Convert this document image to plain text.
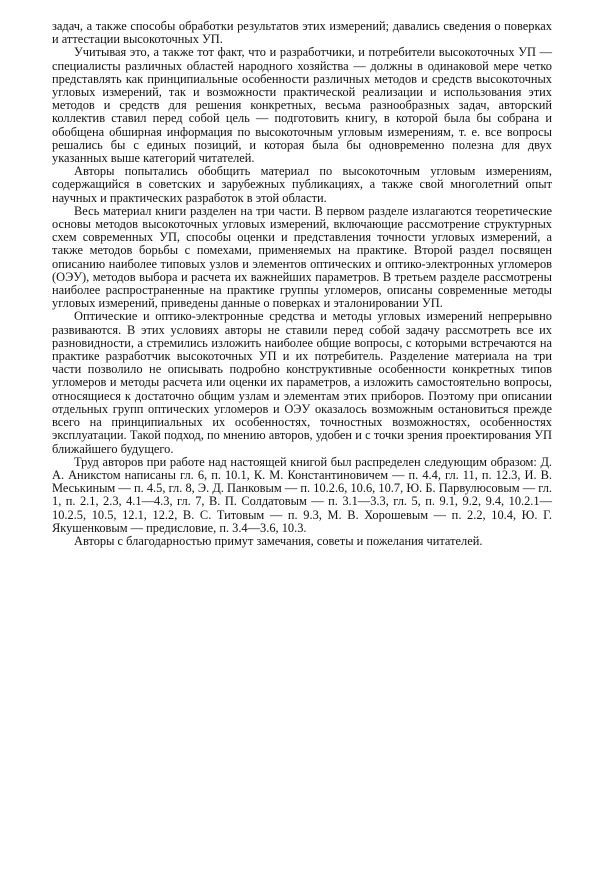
задач, а также способы обработки результатов этих измерений; давались сведения о поверках и аттестации высокоточных УП.

Учитывая это, а также тот факт, что и разработчики, и потребители высокоточных УП — специалисты различных областей народного хозяйства — должны в одинаковой мере четко представлять как принципиальные особенности различных методов и средств высокоточных угловых измерений, так и возможности практической реализации и использования этих методов и средств для решения конкретных, весьма разнообразных задач, авторский коллектив ставил перед собой цель — подготовить книгу, в которой была бы собрана и обобщена обширная информация по высокоточным угловым измерениям, т. е. все вопросы решались бы с единых позиций, и которая была бы одновременно полезна для двух указанных выше категорий читателей.

Авторы попытались обобщить материал по высокоточным угловым измерениям, содержащийся в советских и зарубежных публикациях, а также свой многолетний опыт научных и практических разработок в этой области.

Весь материал книги разделен на три части. В первом разделе излагаются теоретические основы методов высокоточных угловых измерений, включающие рассмотрение структурных схем современных УП, способы оценки и представления точности угловых измерений, а также методов борьбы с помехами, применяемых на практике. Второй раздел посвящен описанию наиболее типовых узлов и элементов оптических и оптико-электронных угломеров (ОЭУ), методов выбора и расчета их важнейших параметров. В третьем разделе рассмотрены наиболее распространенные на практике группы угломеров, описаны современные методы угловых измерений, приведены данные о поверках и эталонировании УП.

Оптические и оптико-электронные средства и методы угловых измерений непрерывно развиваются. В этих условиях авторы не ставили перед собой задачу рассмотреть все их разновидности, а стремились изложить наиболее общие вопросы, с которыми встречаются на практике разработчик высокоточных УП и их потребитель. Разделение материала на три части позволило не описывать подробно конструктивные особенности конкретных типов угломеров и методы расчета или оценки их параметров, а изложить самостоятельно вопросы, относящиеся к достаточно общим узлам и элементам этих приборов. Поэтому при описании отдельных групп оптических угломеров и ОЭУ оказалось возможным остановиться прежде всего на принципиальных их особенностях, точностных возможностях, особенностях эксплуатации. Такой подход, по мнению авторов, удобен и с точки зрения проектирования УП ближайшего будущего.

Труд авторов при работе над настоящей книгой был распределен следующим образом: Д. А. Аникстом написаны гл. 6, п. 10.1, К. М. Константиновичем — п. 4.4, гл. 11, п. 12.3, И. В. Меськиным — п. 4.5, гл. 8, Э. Д. Панковым — п. 10.2.6, 10.6, 10.7, Ю. Б. Парвулюсовым — гл. 1, п. 2.1, 2.3, 4.1—4.3, гл. 7, В. П. Солдатовым — п. 3.1—3.3, гл. 5, п. 9.1, 9.2, 9.4, 10.2.1—10.2.5, 10.5, 12.1, 12.2, В. С. Титовым — п. 9.3, М. В. Хорошевым — п. 2.2, 10.4, Ю. Г. Якушенковым — предисловие, п. 3.4—3.6, 10.3.

Авторы с благодарностью примут замечания, советы и пожелания читателей.
